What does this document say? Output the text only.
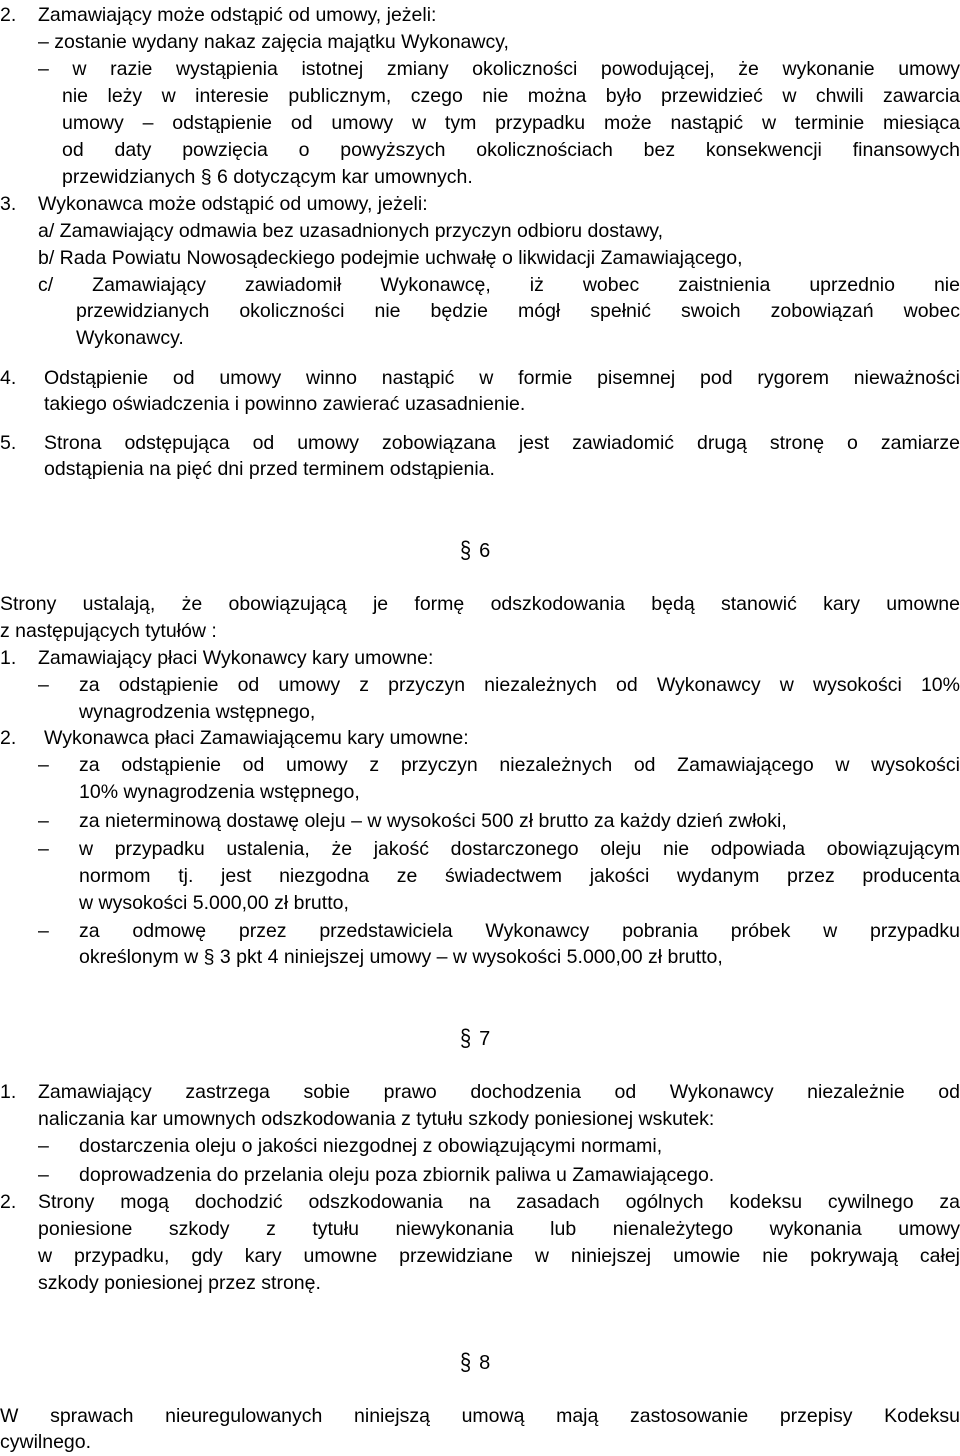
2. Zamawiający może odstąpić od umowy, jeżeli:
– zostanie wydany nakaz zajęcia majątku Wykonawcy,
– w razie wystąpienia istotnej zmiany okoliczności powodującej, że wykonanie umowy
nie leży w interesie publicznym, czego nie można było przewidzieć w chwili zawarcia
umowy – odstąpienie od umowy w tym przypadku może nastąpić w terminie miesiąca
od daty powzięcia o powyższych okolicznościach bez konsekwencji finansowych
przewidzianych § 6 dotyczącym kar umownych.
3. Wykonawca może odstąpić od umowy, jeżeli:
a/ Zamawiający odmawia bez uzasadnionych przyczyn odbioru dostawy,
b/ Rada Powiatu Nowosądeckiego podejmie uchwałę o likwidacji Zamawiającego,
c/ Zamawiający zawiadomił Wykonawcę, iż wobec zaistnienia uprzednio nie
przewidzianych okoliczności nie będzie mógł spełnić swoich zobowiązań wobec
Wykonawcy.
4. Odstąpienie od umowy winno nastąpić w formie pisemnej pod rygorem nieważności
takiego oświadczenia i powinno zawierać uzasadnienie.
5. Strona odstępująca od umowy zobowiązana jest zawiadomić drugą stronę o zamiarze
odstąpienia na pięć dni przed terminem odstąpienia.
§ 6
Strony ustalają, że obowiązującą je formę odszkodowania będą stanowić kary umowne
z następujących tytułów :
1. Zamawiający płaci Wykonawcy kary umowne:
– za odstąpienie od umowy z przyczyn niezależnych od Wykonawcy w wysokości 10%
wynagrodzenia wstępnego,
2. Wykonawca płaci Zamawiającemu kary umowne:
– za odstąpienie od umowy z przyczyn niezależnych od Zamawiającego w wysokości
10% wynagrodzenia wstępnego,
– za nieterminową dostawę oleju – w wysokości 500 zł brutto za każdy dzień zwłoki,
– w przypadku ustalenia, że jakość dostarczonego oleju nie odpowiada obowiązującym
normom tj. jest niezgodna ze świadectwem jakości wydanym przez producenta
w wysokości 5.000,00 zł brutto,
– za odmowę przez przedstawiciela Wykonawcy pobrania próbek w przypadku
określonym w § 3 pkt 4 niniejszej umowy – w wysokości 5.000,00 zł brutto,
§ 7
1. Zamawiający zastrzega sobie prawo dochodzenia od Wykonawcy niezależnie od
naliczania kar umownych odszkodowania z tytułu szkody poniesionej wskutek:
– dostarczenia oleju o jakości niezgodnej z obowiązującymi normami,
– doprowadzenia do przelania oleju poza zbiornik paliwa u Zamawiającego.
2. Strony mogą dochodzić odszkodowania na zasadach ogólnych kodeksu cywilnego za
poniesione szkody z tytułu niewykonania lub nienależytego wykonania umowy
w przypadku, gdy kary umowne przewidziane w niniejszej umowie nie pokrywają całej
szkody poniesionej przez stronę.
§ 8
W sprawach nieuregulowanych niniejszą umową mają zastosowanie przepisy Kodeksu
cywilnego.
